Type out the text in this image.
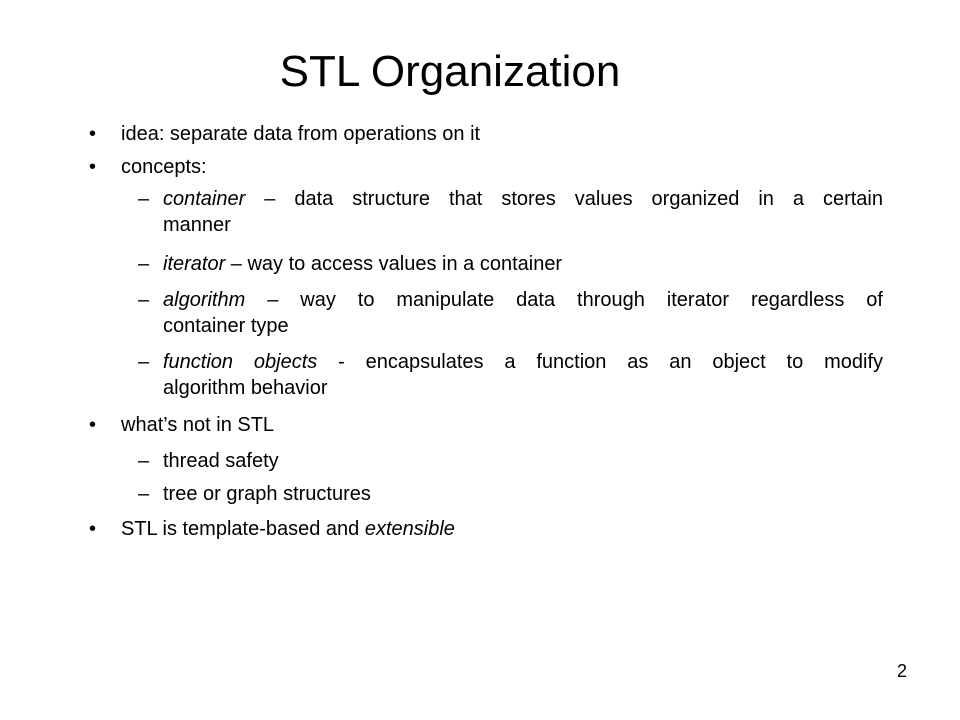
STL Organization
•	idea: separate data from operations on it
•	concepts:
– container – data structure that stores values organized in a certain
manner
– iterator – way to access values in a container
– algorithm – way to manipulate data through iterator regardless of
container type
– function objects - encapsulates a function as an object to modify
algorithm behavior
•	what’s not in STL
– thread safety
– tree or graph structures
•	STL is template-based and extensible
2
